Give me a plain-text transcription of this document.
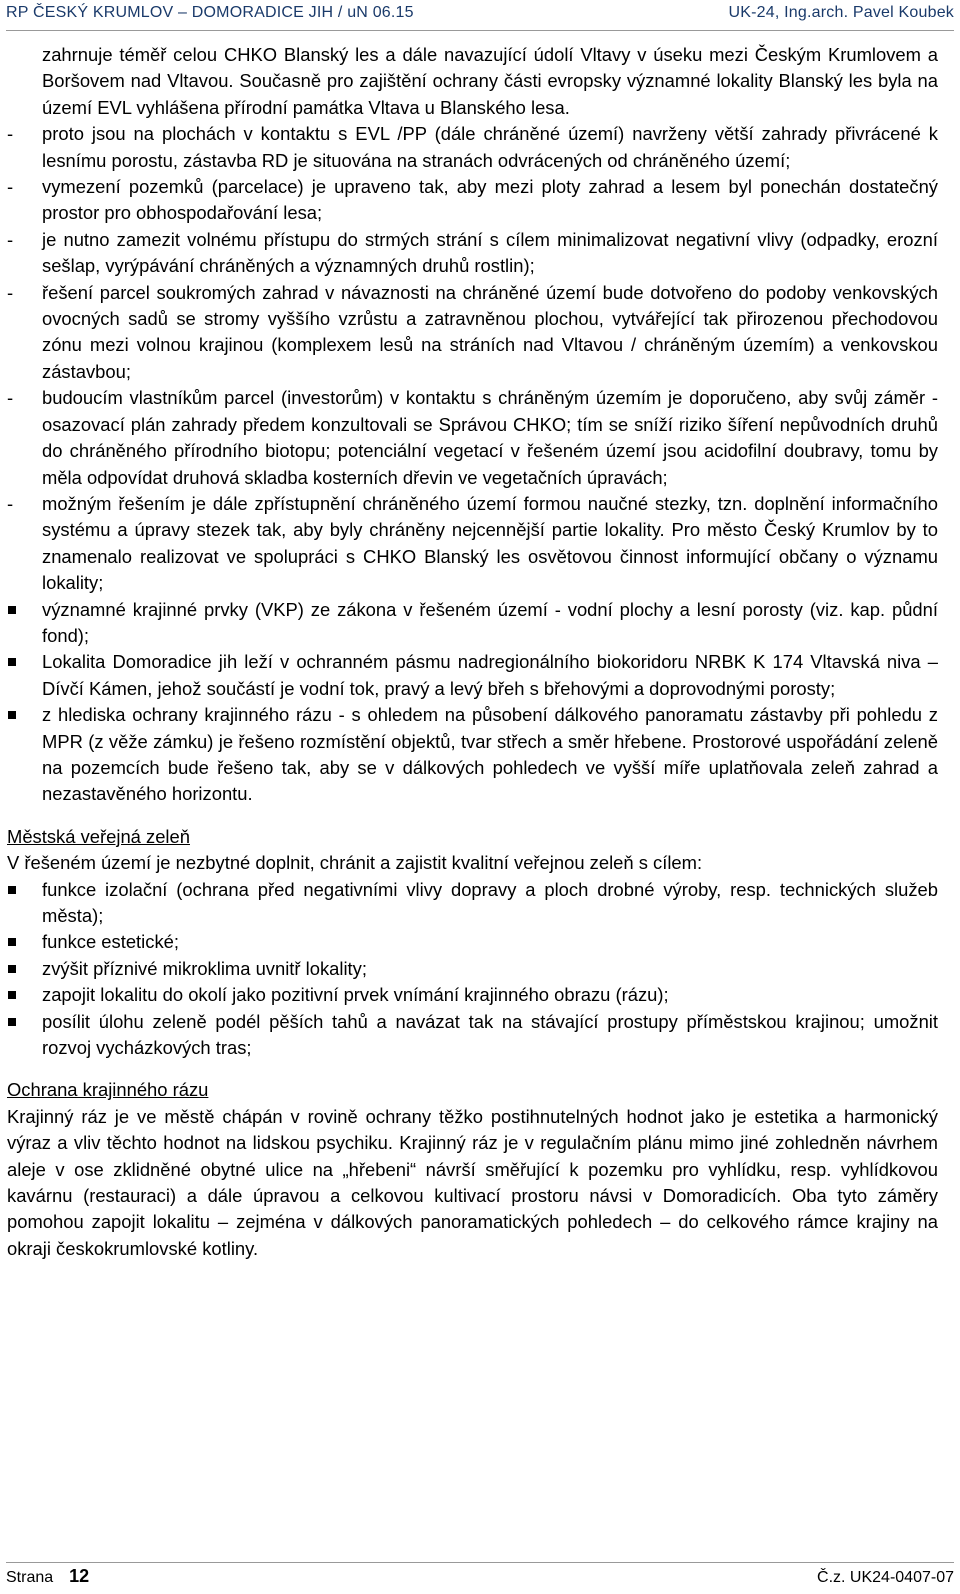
RP ČESKÝ KRUMLOV – DOMORADICE JIH / uN 06.15	UK-24, Ing.arch. Pavel Koubek

zahrnuje téměř celou CHKO Blanský les a dále navazující údolí Vltavy v úseku mezi Českým Krumlovem a Boršovem nad Vltavou. Současně pro zajištění ochrany části evropsky významné lokality Blanský les byla na území EVL vyhlášena přírodní památka Vltava u Blanského lesa.

-	proto jsou na plochách v kontaktu s EVL /PP (dále chráněné území) navrženy větší zahrady přivrácené k lesnímu porostu, zástavba RD je situována na stranách odvrácených od chráněného území;
-	vymezení pozemků (parcelace) je upraveno tak, aby mezi ploty zahrad a lesem byl ponechán dostatečný prostor pro obhospodařování lesa;
-	je nutno zamezit volnému přístupu do strmých strání s cílem minimalizovat negativní vlivy (odpadky, erozní sešlap, vyrýpávání chráněných a významných druhů rostlin);
-	řešení parcel soukromých zahrad v návaznosti na chráněné území bude dotvořeno do podoby venkovských ovocných sadů se stromy vyššího vzrůstu a zatravněnou plochou, vytvářející tak přirozenou přechodovou zónu mezi volnou krajinou (komplexem lesů na stráních nad Vltavou / chráněným územím) a venkovskou zástavbou;
-	budoucím vlastníkům parcel (investorům) v kontaktu s chráněným územím je doporučeno, aby svůj záměr - osazovací plán zahrady předem konzultovali se Správou CHKO; tím se sníží riziko šíření nepůvodních druhů do chráněného přírodního biotopu; potenciální vegetací v řešeném území jsou acidofilní doubravy, tomu by měla odpovídat druhová skladba kosterních dřevin ve vegetačních úpravách;
-	možným řešením je dále zpřístupnění chráněného území formou naučné stezky, tzn. doplnění informačního systému a úpravy stezek tak, aby byly chráněny nejcennější partie lokality. Pro město Český Krumlov by to znamenalo realizovat ve spolupráci s CHKO Blanský les osvětovou činnost informující občany o významu lokality;
významné krajinné prvky (VKP) ze zákona v řešeném území - vodní plochy a lesní porosty (viz. kap. půdní fond);
Lokalita Domoradice jih leží v ochranném pásmu nadregionálního biokoridoru NRBK K 174 Vltavská niva – Dívčí Kámen, jehož součástí je vodní tok, pravý a levý břeh s břehovými a doprovodnými porosty;
z hlediska ochrany krajinného rázu - s ohledem na působení dálkového panoramatu zástavby při pohledu z MPR (z věže zámku) je řešeno rozmístění objektů, tvar střech a směr hřebene. Prostorové uspořádání zeleně na pozemcích bude řešeno tak, aby se v dálkových pohledech ve vyšší míře uplatňovala zeleň zahrad a nezastavěného horizontu.

Městská veřejná zeleň

V řešeném území je nezbytné doplnit, chránit a zajistit kvalitní veřejnou zeleň s cílem:

funkce izolační (ochrana před negativními vlivy dopravy a ploch drobné výroby, resp. technických služeb města);
funkce estetické;
zvýšit příznivé mikroklima uvnitř lokality;
zapojit lokalitu do okolí jako pozitivní prvek vnímání krajinného obrazu (rázu);
posílit úlohu zeleně podél pěších tahů a navázat tak na stávající prostupy příměstskou krajinou; umožnit rozvoj vycházkových tras;

Ochrana krajinného rázu

Krajinný ráz je ve městě chápán v rovině ochrany těžko postihnutelných hodnot jako je estetika a harmonický výraz a vliv těchto hodnot na lidskou psychiku. Krajinný ráz je v regulačním plánu mimo jiné zohledněn návrhem aleje v ose zklidněné obytné ulice na „hřebeni“ návrší směřující k pozemku pro vyhlídku, resp. vyhlídkovou kavárnu (restauraci) a dále úpravou a celkovou kultivací prostoru návsi v Domoradicích. Oba tyto záměry pomohou zapojit lokalitu – zejména v dálkových panoramatických pohledech – do celkového rámce krajiny na okraji českokrumlovské kotliny.

Strana 12	Č.z. UK24-0407-07
